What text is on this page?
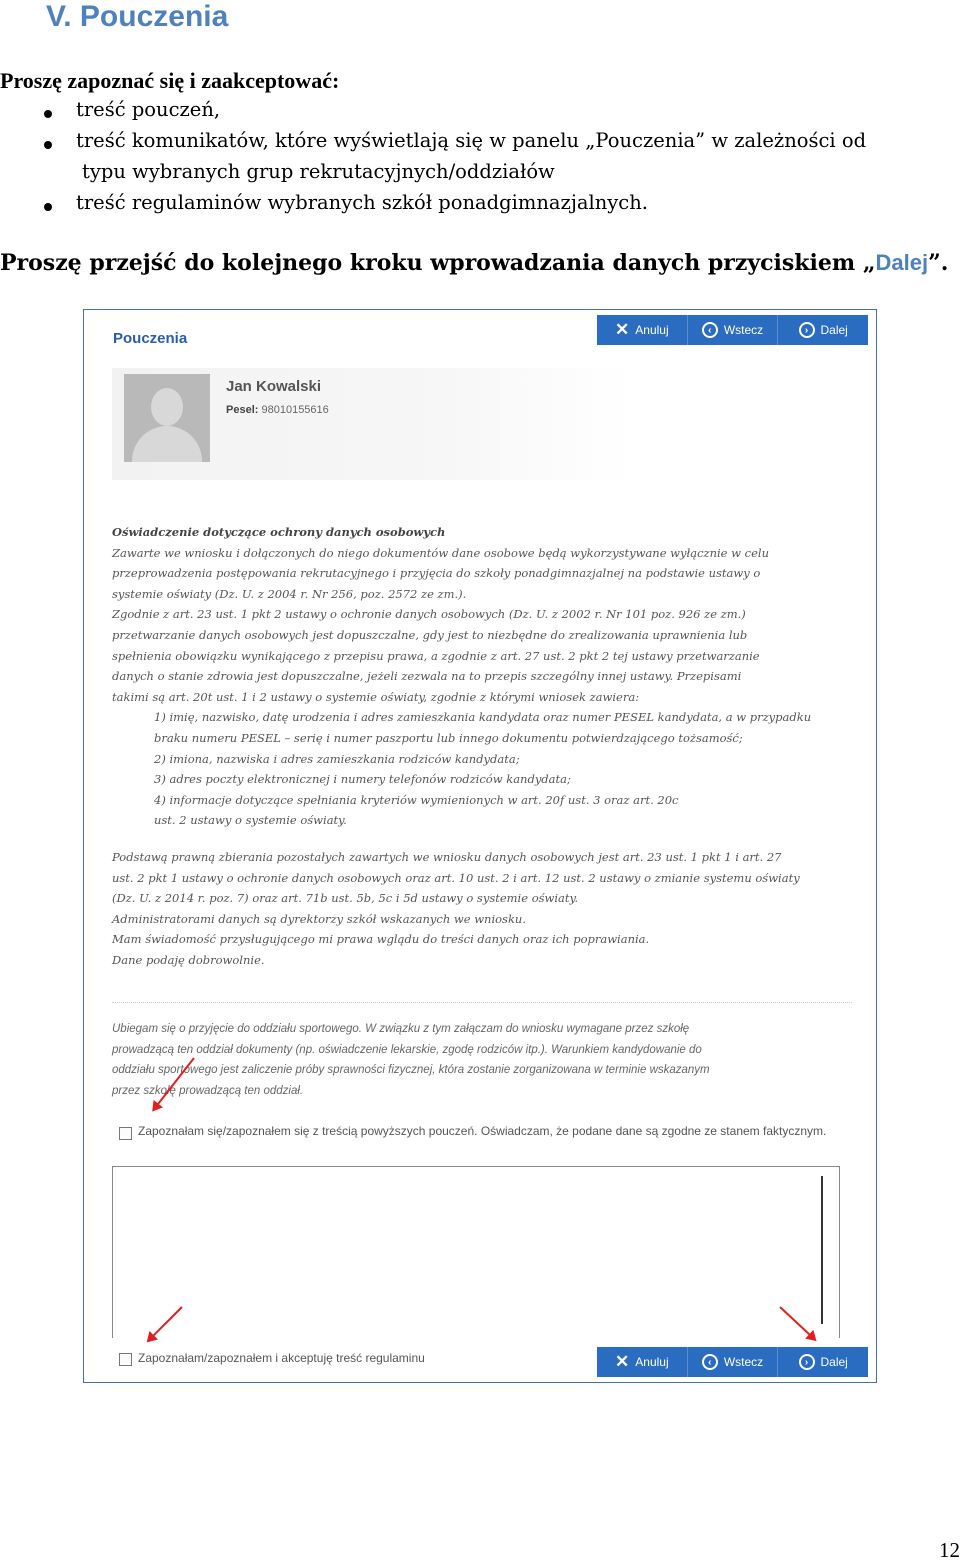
V. Pouczenia
Proszę zapoznać się i zaakceptować:
treść pouczeń,
treść komunikatów, które wyświetlają się w panelu „Pouczenia” w zależności od
typu wybranych grup rekrutacyjnych/oddziałów
treść regulaminów wybranych szkół ponadgimnazjalnych.
Proszę przejść do kolejnego kroku wprowadzania danych przyciskiem „Dalej”.
✕ Anuluj	‹	Wstecz	›	Dalej
Pouczenia
Jan Kowalski
Pesel: 98010155616

Oświadczenie dotyczące ochrony danych osobowych

Zawarte we wniosku i dołączonych do niego dokumentów dane osobowe będą wykorzystywane wyłącznie w celu

przeprowadzenia postępowania rekrutacyjnego i przyjęcia do szkoły ponadgimnazjalnej na podstawie ustawy o

systemie oświaty (Dz. U. z 2004 r. Nr 256, poz. 2572 ze zm.).

Zgodnie z art. 23 ust. 1 pkt 2 ustawy o ochronie danych osobowych (Dz. U. z 2002 r. Nr 101 poz. 926 ze zm.)

przetwarzanie danych osobowych jest dopuszczalne, gdy jest to niezbędne do zrealizowania uprawnienia lub

spełnienia obowiązku wynikającego z przepisu prawa, a zgodnie z art. 27 ust. 2 pkt 2 tej ustawy przetwarzanie

danych o stanie zdrowia jest dopuszczalne, jeżeli zezwala na to przepis szczególny innej ustawy. Przepisami

takimi są art. 20t ust. 1 i 2 ustawy o systemie oświaty, zgodnie z którymi wniosek zawiera:

1) imię, nazwisko, datę urodzenia i adres zamieszkania kandydata oraz numer PESEL kandydata, a w przypadku

braku numeru PESEL – serię i numer paszportu lub innego dokumentu potwierdzającego tożsamość;

2) imiona, nazwiska i adres zamieszkania rodziców kandydata;

3) adres poczty elektronicznej i numery telefonów rodziców kandydata;

4) informacje dotyczące spełniania kryteriów wymienionych w art. 20f ust. 3 oraz art. 20c

ust. 2 ustawy o systemie oświaty.

Podstawą prawną zbierania pozostałych zawartych we wniosku danych osobowych jest art. 23 ust. 1 pkt 1 i art. 27

ust. 2 pkt 1 ustawy o ochronie danych osobowych oraz art. 10 ust. 2 i art. 12 ust. 2 ustawy o zmianie systemu oświaty

(Dz. U. z 2014 r. poz. 7) oraz art. 71b ust. 5b, 5c i 5d ustawy o systemie oświaty.

Administratorami danych są dyrektorzy szkół wskazanych we wniosku.

Mam świadomość przysługującego mi prawa wglądu do treści danych oraz ich poprawiania.

Dane podaję dobrowolnie.

Ubiegam się o przyjęcie do oddziału sportowego. W związku z tym załączam do wniosku wymagane przez szkołę
prowadzącą ten oddział dokumenty (np. oświadczenie lekarskie, zgodę rodziców itp.). Warunkiem kandydowanie do
oddziału sportowego jest zaliczenie próby sprawności fizycznej, która zostanie zorganizowana w terminie wskazanym
przez szkołę prowadzącą ten oddział.
Zapoznałam się/zapoznałem się z treścią powyższych pouczeń. Oświadczam, że podane dane są zgodne ze stanem faktycznym.
Zapoznałam/zapoznałem i akceptuję treść regulaminu	✕ Anuluj	‹	Wstecz	›	Dalej
12
